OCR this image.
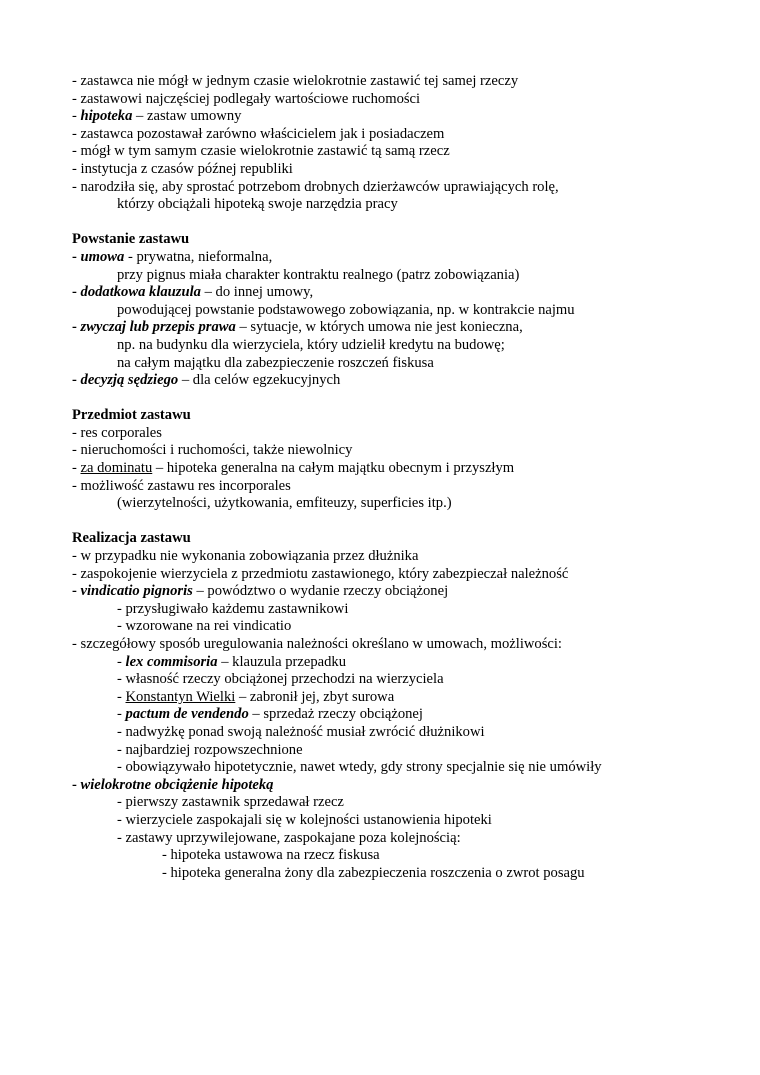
- zastawca nie mógł w jednym czasie wielokrotnie zastawić tej samej rzeczy
- zastawowi najczęściej podlegały wartościowe ruchomości
- hipoteka – zastaw umowny
- zastawca pozostawał zarówno właścicielem jak i posiadaczem
- mógł w tym samym czasie wielokrotnie zastawić tą samą rzecz
- instytucja z czasów późnej republiki
- narodziła się, aby sprostać potrzebom drobnych dzierżawców uprawiających rolę,
którzy obciążali hipoteką swoje narzędzia pracy
Powstanie zastawu
- umowa - prywatna, nieformalna,
przy pignus miała charakter kontraktu realnego (patrz zobowiązania)
- dodatkowa klauzula – do innej umowy,
powodującej powstanie podstawowego zobowiązania, np. w kontrakcie najmu
- zwyczaj lub przepis prawa – sytuacje, w których umowa nie jest konieczna,
np. na budynku dla wierzyciela, który udzielił kredytu na budowę;
na całym majątku dla zabezpieczenie roszczeń fiskusa
- decyzją sędziego – dla celów egzekucyjnych
Przedmiot zastawu
- res corporales
- nieruchomości i ruchomości, także niewolnicy
- za dominatu – hipoteka generalna na całym majątku obecnym i przyszłym
- możliwość zastawu res incorporales
(wierzytelności, użytkowania, emfiteuzy, superficies itp.)
Realizacja zastawu
- w przypadku nie wykonania zobowiązania przez dłużnika
- zaspokojenie wierzyciela z przedmiotu zastawionego, który zabezpieczał należność
- vindicatio pignoris – powództwo o wydanie rzeczy obciążonej
- przysługiwało każdemu zastawnikowi
- wzorowane na rei vindicatio
- szczegółowy sposób uregulowania należności określano w umowach, możliwości:
- lex commisoria – klauzula przepadku
- własność rzeczy obciążonej przechodzi na wierzyciela
- Konstantyn Wielki – zabronił jej, zbyt surowa
- pactum de vendendo – sprzedaż rzeczy obciążonej
- nadwyżkę ponad swoją należność musiał zwrócić dłużnikowi
- najbardziej rozpowszechnione
- obowiązywało hipotetycznie, nawet wtedy, gdy strony specjalnie się nie umówiły
- wielokrotne obciążenie hipoteką
- pierwszy zastawnik sprzedawał rzecz
- wierzyciele zaspokajali się w kolejności ustanowienia hipoteki
- zastawy uprzywilejowane, zaspokajane poza kolejnością:
- hipoteka ustawowa na rzecz fiskusa
- hipoteka generalna żony dla zabezpieczenia roszczenia o zwrot posagu
